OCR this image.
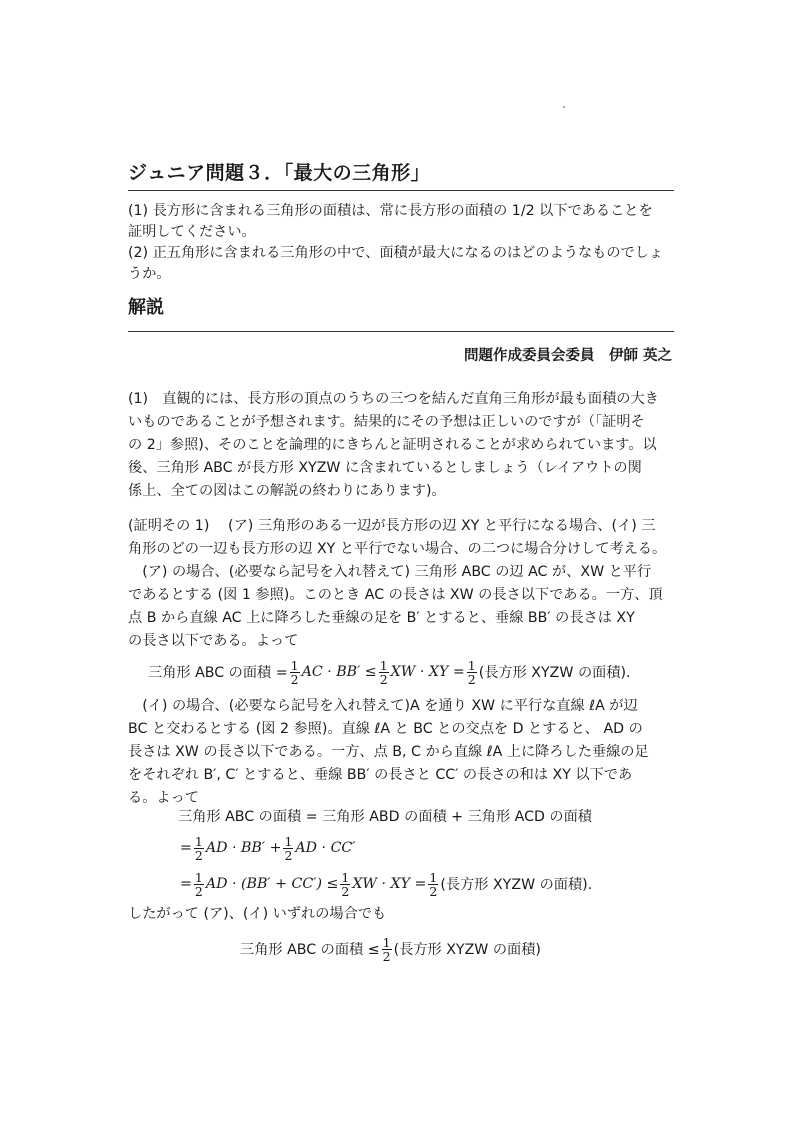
ジュニア問題３．「最大の三角形」
(1) 長方形に含まれる三角形の面積は、常に長方形の面積の 1/2 以下であることを
証明してください。
(2) 正五角形に含まれる三角形の中で、面積が最大になるのはどのようなものでしょ
うか。
解説
問題作成委員会委員　伊師 英之
(1)　直観的には、長方形の頂点のうちの三つを結んだ直角三角形が最も面積の大き
いものであることが予想されます。結果的にその予想は正しいのですが（「証明そ
の 2」参照)、そのことを論理的にきちんと証明されることが求められています。以
後、三角形 ABC が長方形 XYZW に含まれているとしましょう（レイアウトの関
係上、全ての図はこの解説の終わりにあります)。
(証明その 1)　 (ア) 三角形のある一辺が長方形の辺 XY と平行になる場合、(イ) 三
角形のどの一辺も長方形の辺 XY と平行でない場合、の二つに場合分けして考える。
　(ア) の場合、(必要なら記号を入れ替えて) 三角形 ABC の辺 AC が、XW と平行
であるとする (図 1 参照)。このとき AC の長さは XW の長さ以下である。一方、頂
点 B から直線 AC 上に降ろした垂線の足を B′ とすると、垂線 BB′ の長さは XY
の長さ以下である。よって
三角形 ABC の面積 = $\frac{1}{2}$ AC · $BB' \le \frac{1}{2}$ XW · XY = $\frac{1}{2}$ (長方形 XYZW の面積).
　(イ) の場合、(必要なら記号を入れ替えて)A を通り XW に平行な直線 ℓA が辺
BC と交わるとする (図 2 参照)。直線 ℓA と BC との交点を D とすると、 AD の
長さは XW の長さ以下である。一方、点 B, C から直線 ℓA 上に降ろした垂線の足
をそれぞれ B′, C′ とすると、垂線 BB′ の長さと CC′ の長さの和は XY 以下であ
る。よって
三角形 ABC の面積 = 三角形 ABD の面積 + 三角形 ACD の面積
= $\frac{1}{2}$ AD · $BB' + \frac{1}{2}$ AD · CC′
= $\frac{1}{2}$ AD · $(BB' + CC') \le \frac{1}{2}$ XW · XY = $\frac{1}{2}$ (長方形 XYZW の面積).
したがって (ア)、(イ) いずれの場合でも
三角形 ABC の面積 ≤ $\frac{1}{2}$ (長方形 XYZW の面積)
